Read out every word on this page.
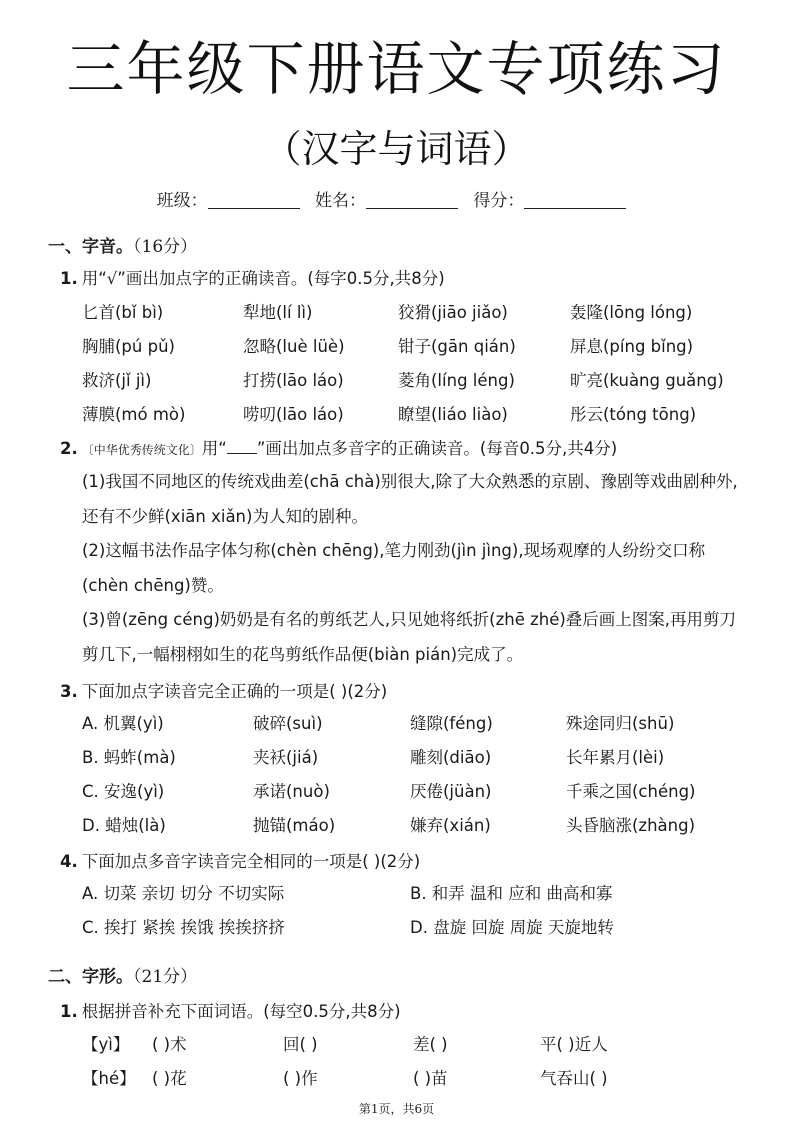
三年级下册语文专项练习
（汉字与词语）
班级：	姓名：	得分：
一、字音。（16分）
1. 用“√”画出加点字的正确读音。(每字0.5分,共8分)
匕首(bǐ bì)	犁地(lí lì)	狡猾(jiāo jiǎo)	轰隆(lōng lóng)
胸脯(pú pǔ)	忽略(luè lüè)	钳子(gān qián)	屏息(píng bǐng)
救济(jǐ jì)	打捞(lāo láo)	菱角(líng léng)	旷亮(kuàng guǎng)
薄膜(mó mò)	唠叨(lāo láo)	瞭望(liáo liào)	彤云(tóng tōng)
2. 〔中华优秀传统文化〕用“ ”画出加点多音字的正确读音。(每音0.5分,共4分)
(1)我国不同地区的传统戏曲差(chā chà)别很大,除了大众熟悉的京剧、豫剧等戏曲剧种外,还有不少鲜(xiān xiǎn)为人知的剧种。
(2)这幅书法作品字体匀称(chèn chēng),笔力刚劲(jìn jìng),现场观摩的人纷纷交口称(chèn chēng)赞。
(3)曾(zēng céng)奶奶是有名的剪纸艺人,只见她将纸折(zhē zhé)叠后画上图案,再用剪刀剪几下,一幅栩栩如生的花鸟剪纸作品便(biàn pián)完成了。
3. 下面加点字读音完全正确的一项是( )(2分)
A. 机翼(yì)	破碎(suì)	缝隙(féng)	殊途同归(shū)
B. 蚂蚱(mà)	夹袄(jiá)	雕刻(diāo)	长年累月(lèi)
C. 安逸(yì)	承诺(nuò)	厌倦(jüàn)	千乘之国(chéng)
D. 蜡烛(là)	抛锚(máo)	嫌弃(xián)	头昏脑涨(zhàng)
4. 下面加点多音字读音完全相同的一项是( )(2分)
A. 切菜 亲切 切分 不切实际	B. 和弄 温和 应和 曲高和寡
C. 挨打 紧挨 挨饿 挨挨挤挤	D. 盘旋 回旋 周旋 天旋地转
二、字形。（21分）
1. 根据拼音补充下面词语。(每空0.5分,共8分)
【yì】 ( )术	回( )	差( )	平( )近人
【hé】 ( )花	( )作	( )苗	气吞山( )
第1页，共6页
